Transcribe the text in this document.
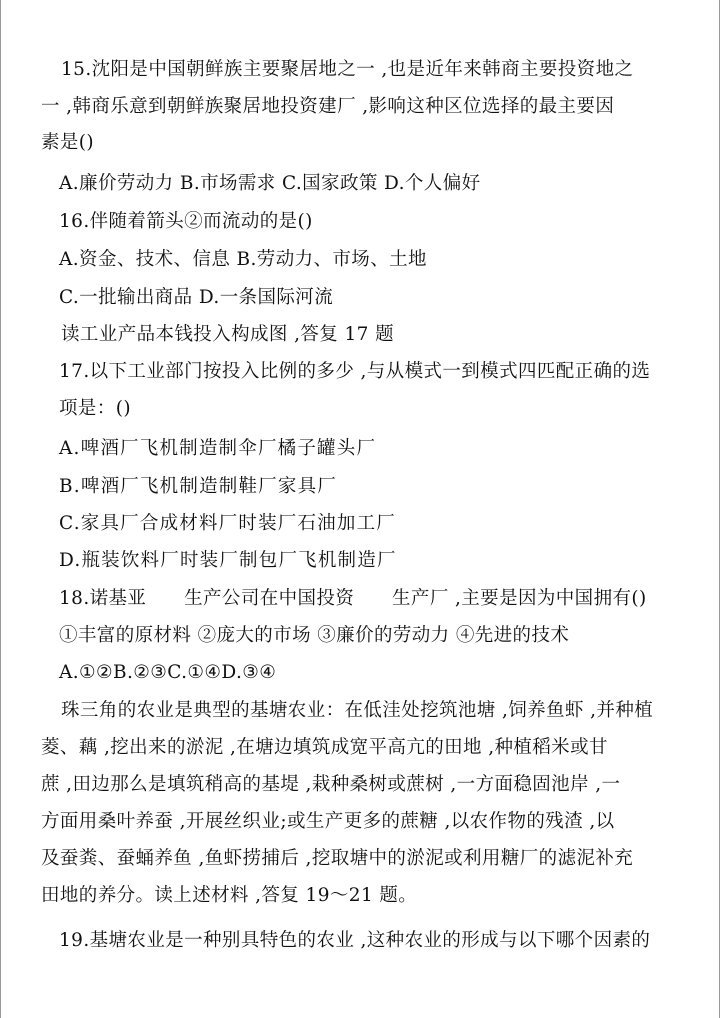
15.沈阳是中国朝鲜族主要聚居地之一 ,也是近年来韩商主要投资地之
一 ,韩商乐意到朝鲜族聚居地投资建厂 ,影响这种区位选择的最主要因
素是()
A.廉价劳动力 B.市场需求 C.国家政策 D.个人偏好
16.伴随着箭头②而流动的是()
A.资金、技术、信息 B.劳动力、市场、土地
C.一批输出商品 D.一条国际河流
读工业产品本钱投入构成图 ,答复 17 题
17.以下工业部门按投入比例的多少 ,与从模式一到模式四匹配正确的选
项是：()
A.啤酒厂飞机制造制伞厂橘子罐头厂
B.啤酒厂飞机制造制鞋厂家具厂
C.家具厂合成材料厂时装厂石油加工厂
D.瓶装饮料厂时装厂制包厂飞机制造厂
18.诺基亚　　生产公司在中国投资　　生产厂 ,主要是因为中国拥有()
①丰富的原材料 ②庞大的市场 ③廉价的劳动力 ④先进的技术
A.①②B.②③C.①④D.③④
珠三角的农业是典型的基塘农业：在低洼处挖筑池塘 ,饲养鱼虾 ,并种植
菱、藕 ,挖出来的淤泥 ,在塘边填筑成宽平高亢的田地 ,种植稻米或甘
蔗 ,田边那么是填筑稍高的基堤 ,栽种桑树或蔗树 ,一方面稳固池岸 ,一
方面用桑叶养蚕 ,开展丝织业;或生产更多的蔗糖 ,以农作物的残渣 ,以
及蚕粪、蚕蛹养鱼 ,鱼虾捞捕后 ,挖取塘中的淤泥或利用糖厂的滤泥补充
田地的养分。读上述材料 ,答复 19～21 题。
19.基塘农业是一种别具特色的农业 ,这种农业的形成与以下哪个因素的
